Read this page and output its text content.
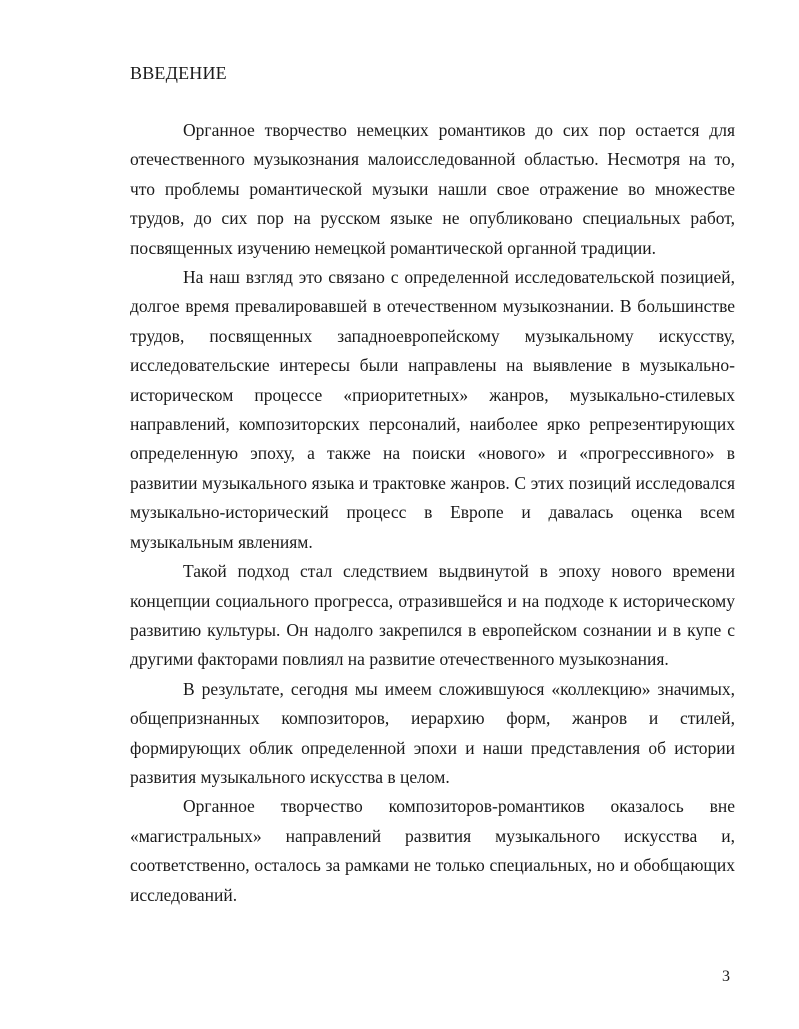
ВВЕДЕНИЕ

Органное творчество немецких романтиков до сих пор остается для отечественного музыкознания малоисследованной областью. Несмотря на то, что проблемы романтической музыки нашли свое отражение во множестве трудов, до сих пор на русском языке не опубликовано специальных работ, посвященных изучению немецкой романтической органной традиции.

На наш взгляд это связано с определенной исследовательской позицией, долгое время превалировавшей в отечественном музыкознании. В большинстве трудов, посвященных западноевропейскому музыкальному искусству, исследовательские интересы были направлены на выявление в музыкально-историческом процессе «приоритетных» жанров, музыкально-стилевых направлений, композиторских персоналий, наиболее ярко репрезентирующих определенную эпоху, а также на поиски «нового» и «прогрессивного» в развитии музыкального языка и трактовке жанров. С этих позиций исследовался музыкально-исторический процесс в Европе и давалась оценка всем музыкальным явлениям.

Такой подход стал следствием выдвинутой в эпоху нового времени концепции социального прогресса, отразившейся и на подходе к историческому развитию культуры. Он надолго закрепился в европейском сознании и в купе с другими факторами повлиял на развитие отечественного музыкознания.

В результате, сегодня мы имеем сложившуюся «коллекцию» значимых, общепризнанных композиторов, иерархию форм, жанров и стилей, формирующих облик определенной эпохи и наши представления об истории развития музыкального искусства в целом.

Органное творчество композиторов-романтиков оказалось вне «магистральных» направлений развития музыкального искусства и, соответственно, осталось за рамками не только специальных, но и обобщающих исследований.

3
